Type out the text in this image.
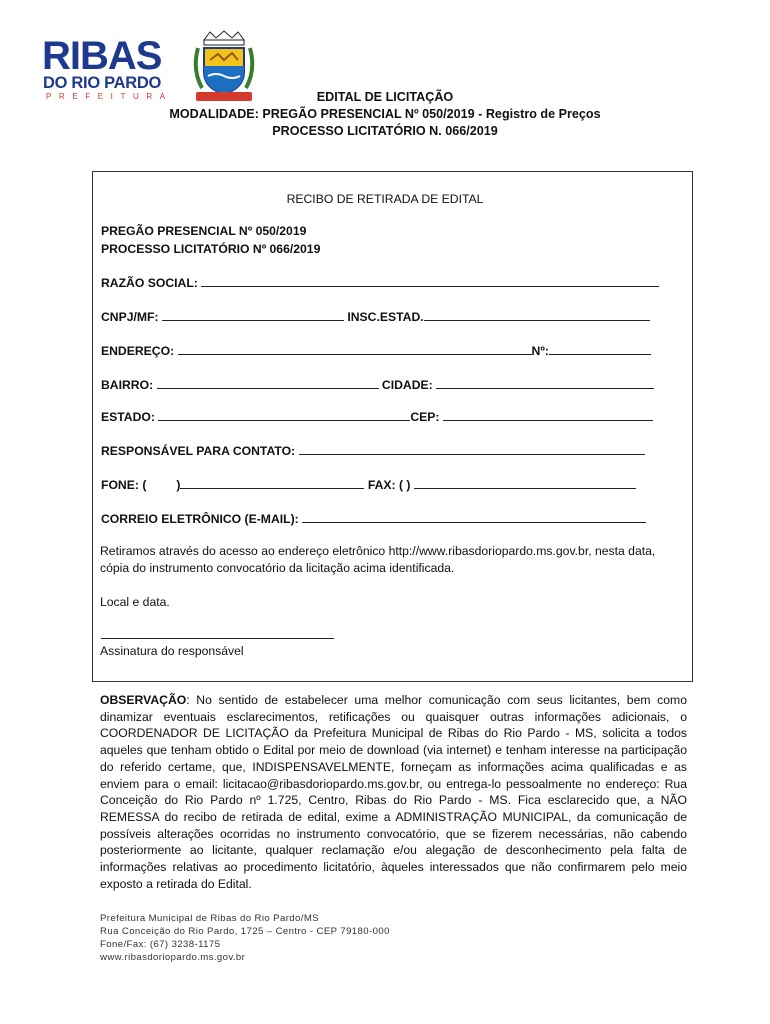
RIBAS
DO RIO PARDO
PREFEITURA	EDITAL DE LICITAÇÃO
MODALIDADE: PREGÃO PRESENCIAL Nº 050/2019 - Registro de Preços
PROCESSO LICITATÓRIO N. 066/2019
RECIBO DE RETIRADA DE EDITAL
PREGÃO PRESENCIAL Nº 050/2019
PROCESSO LICITATÓRIO Nº 066/2019
RAZÃO SOCIAL:
CNPJ/MF:	INSC.ESTAD.
ENDEREÇO:	Nº:
BAIRRO:	CIDADE:
ESTADO:	CEP:
RESPONSÁVEL PARA CONTATO:
FONE: ( )	FAX: ( )
CORREIO ELETRÔNICO (E-MAIL):
Retiramos através do acesso ao endereço eletrônico http://www.ribasdoriopardo.ms.gov.br, nesta data,
cópia do instrumento convocatório da licitação acima identificada.
Local e data.
Assinatura do responsável
OBSERVAÇÃO: No sentido de estabelecer uma melhor comunicação com seus licitantes, bem como dinamizar eventuais esclarecimentos, retificações ou quaisquer outras informações adicionais, o COORDENADOR DE LICITAÇÃO da Prefeitura Municipal de Ribas do Rio Pardo - MS, solicita a todos aqueles que tenham obtido o Edital por meio de download (via internet) e tenham interesse na participação do referido certame, que, INDISPENSAVELMENTE, forneçam as informações acima qualificadas e as enviem para o email: licitacao@ribasdoriopardo.ms.gov.br, ou entrega-lo pessoalmente no endereço: Rua Conceição do Rio Pardo nº 1.725, Centro, Ribas do Rio Pardo - MS. Fica esclarecido que, a NÃO REMESSA do recibo de retirada de edital, exime a ADMINISTRAÇÃO MUNICIPAL, da comunicação de possíveis alterações ocorridas no instrumento convocatório, que se fizerem necessárias, não cabendo posteriormente ao licitante, qualquer reclamação e/ou alegação de desconhecimento pela falta de informações relativas ao procedimento licitatório, àqueles interessados que não confirmarem pelo meio exposto a retirada do Edital.
Prefeitura Municipal de Ribas do Rio Pardo/MS
Rua Conceição do Rio Pardo, 1725 – Centro - CEP 79180-000
Fone/Fax: (67) 3238-1175
www.ribasdoriopardo.ms.gov.br
